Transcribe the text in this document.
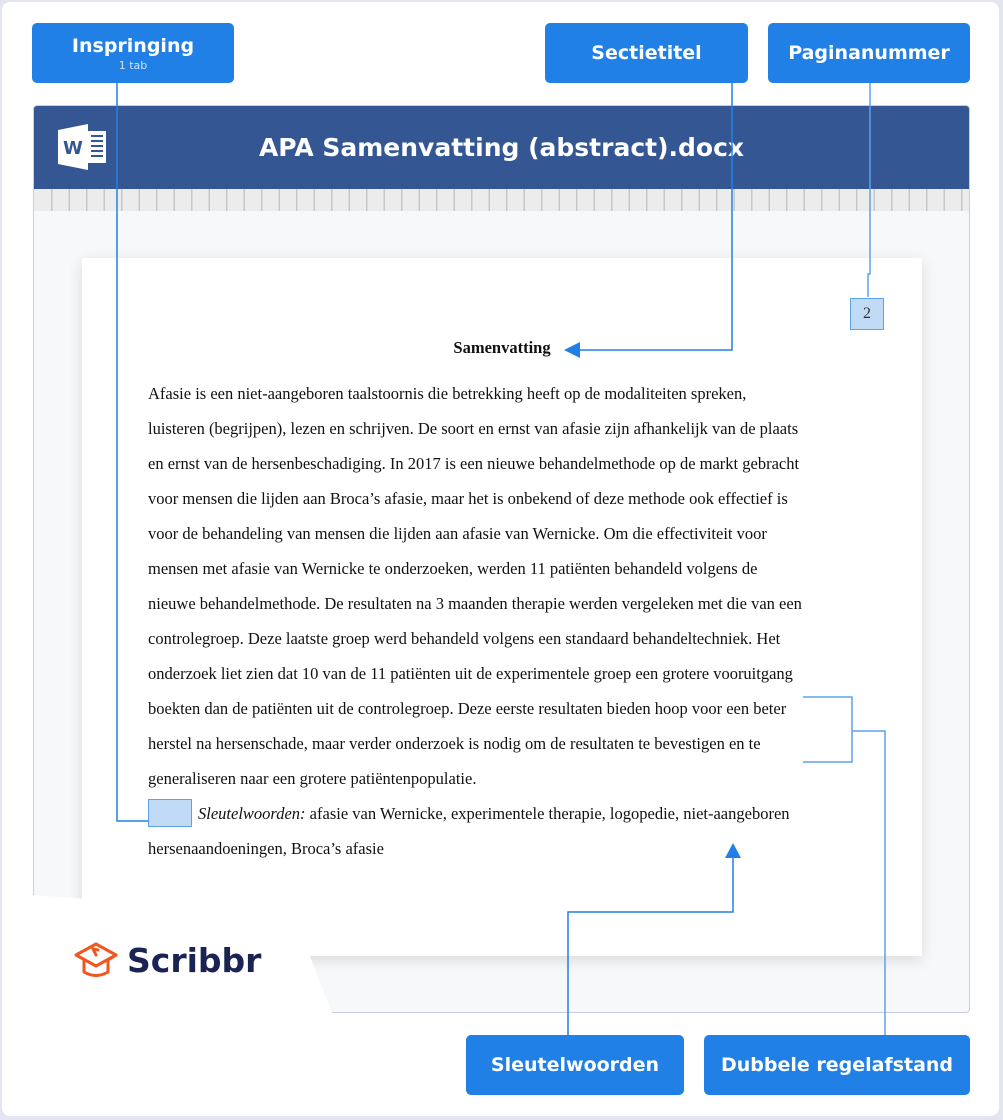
Inspringing
1 tab
Sectietitel	Paginanummer
W	APA Samenvatting (abstract).docx
2
Samenvatting
Afasie is een niet-aangeboren taalstoornis die betrekking heeft op de modaliteiten spreken,
luisteren (begrijpen), lezen en schrijven. De soort en ernst van afasie zijn afhankelijk van de plaats
en ernst van de hersenbeschadiging. In 2017 is een nieuwe behandelmethode op de markt gebracht
voor mensen die lijden aan Broca’s afasie, maar het is onbekend of deze methode ook effectief is
voor de behandeling van mensen die lijden aan afasie van Wernicke. Om die effectiviteit voor
mensen met afasie van Wernicke te onderzoeken, werden 11 patiënten behandeld volgens de
nieuwe behandelmethode. De resultaten na 3 maanden therapie werden vergeleken met die van een
controlegroep. Deze laatste groep werd behandeld volgens een standaard behandeltechniek. Het
onderzoek liet zien dat 10 van de 11 patiënten uit de experimentele groep een grotere vooruitgang
boekten dan de patiënten uit de controlegroep. Deze eerste resultaten bieden hoop voor een beter
herstel na hersenschade, maar verder onderzoek is nodig om de resultaten te bevestigen en te
generaliseren naar een grotere patiëntenpopulatie.
Sleutelwoorden: afasie van Wernicke, experimentele therapie, logopedie, niet-aangeboren
hersenaandoeningen, Broca’s afasie
Scribbr
Sleutelwoorden	Dubbele regelafstand
